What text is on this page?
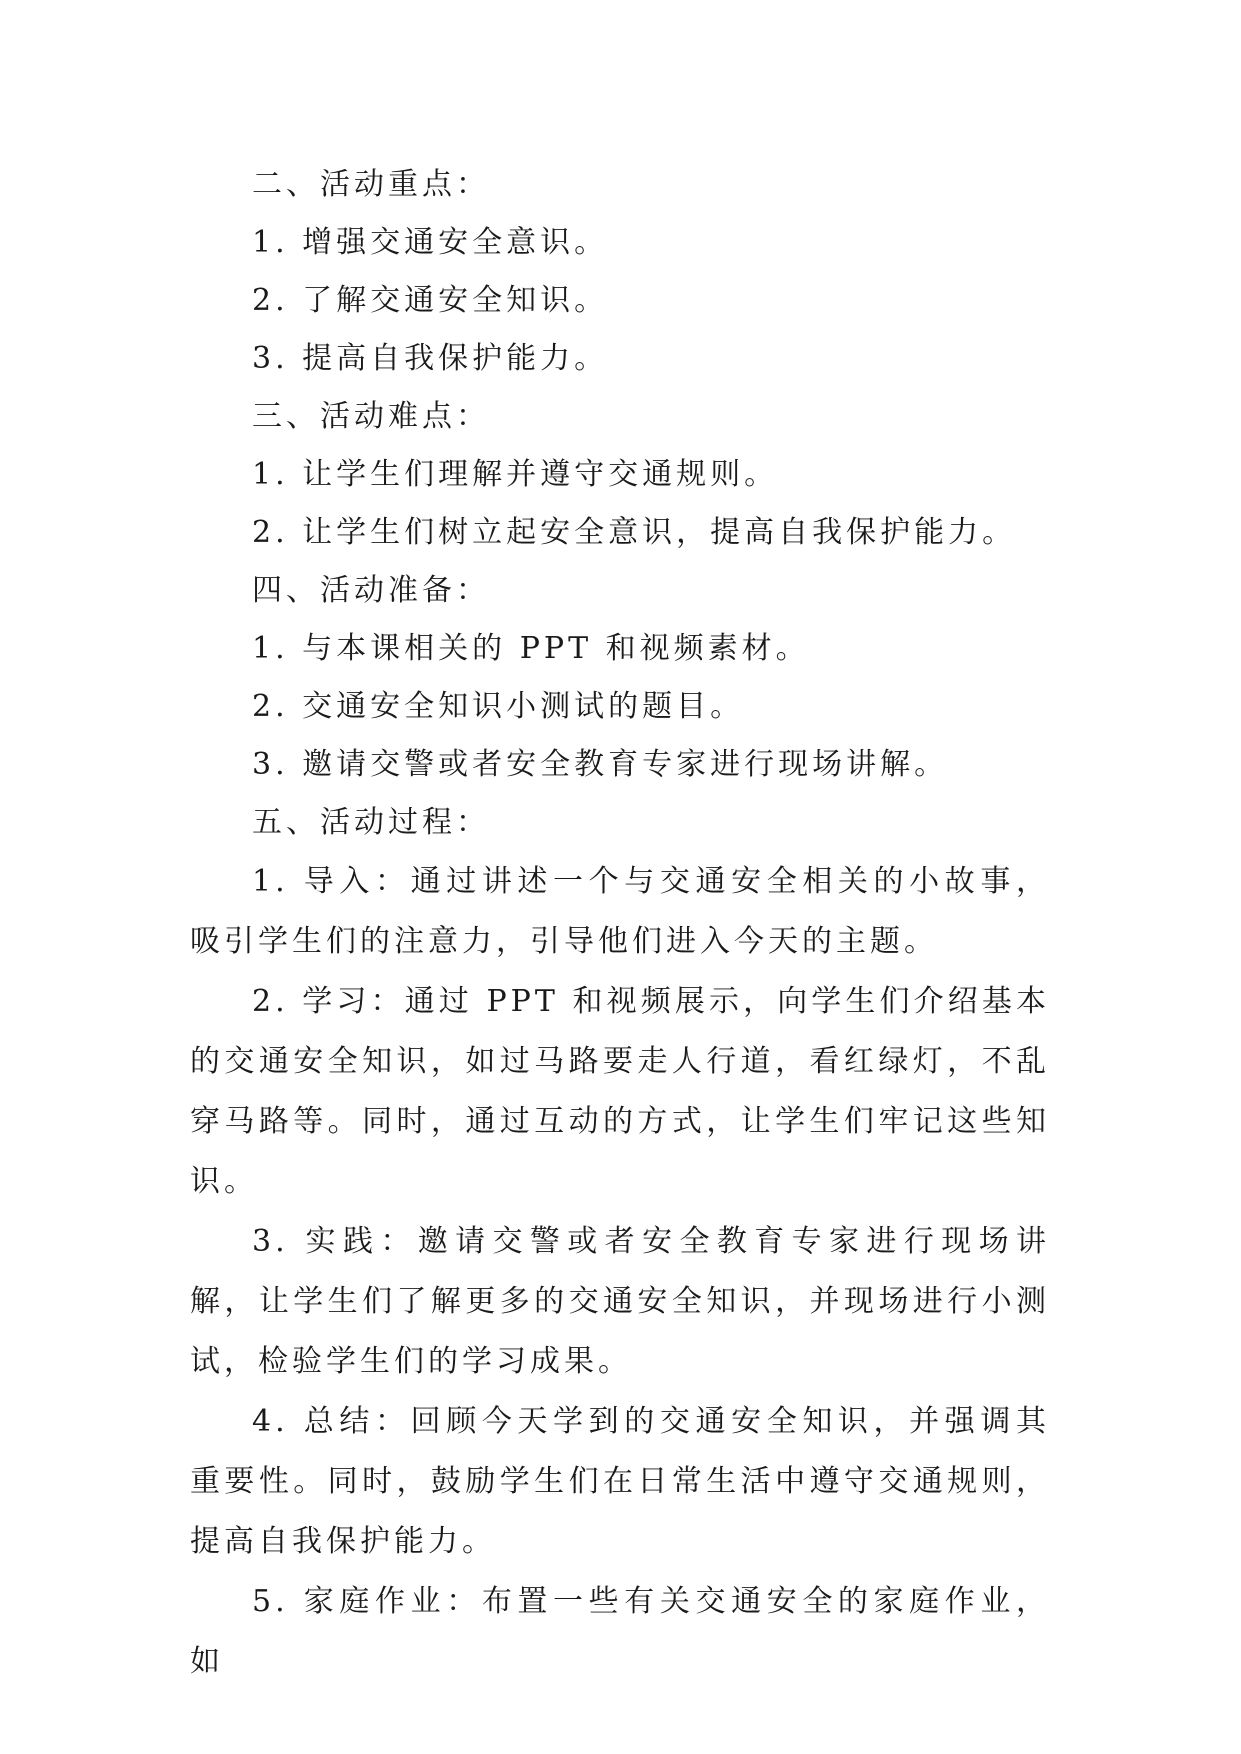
二、活动重点：

1. 增强交通安全意识。

2. 了解交通安全知识。

3. 提高自我保护能力。

三、活动难点：

1. 让学生们理解并遵守交通规则。

2. 让学生们树立起安全意识，提高自我保护能力。

四、活动准备：

1. 与本课相关的 PPT 和视频素材。

2. 交通安全知识小测试的题目。

3. 邀请交警或者安全教育专家进行现场讲解。

五、活动过程：

1. 导入：通过讲述一个与交通安全相关的小故事，吸引学生们的注意力，引导他们进入今天的主题。

2. 学习：通过 PPT 和视频展示，向学生们介绍基本的交通安全知识，如过马路要走人行道，看红绿灯，不乱穿马路等。同时，通过互动的方式，让学生们牢记这些知识。

3. 实践：邀请交警或者安全教育专家进行现场讲解，让学生们了解更多的交通安全知识，并现场进行小测试，检验学生们的学习成果。

4. 总结：回顾今天学到的交通安全知识，并强调其重要性。同时，鼓励学生们在日常生活中遵守交通规则，提高自我保护能力。

5. 家庭作业：布置一些有关交通安全的家庭作业，如
